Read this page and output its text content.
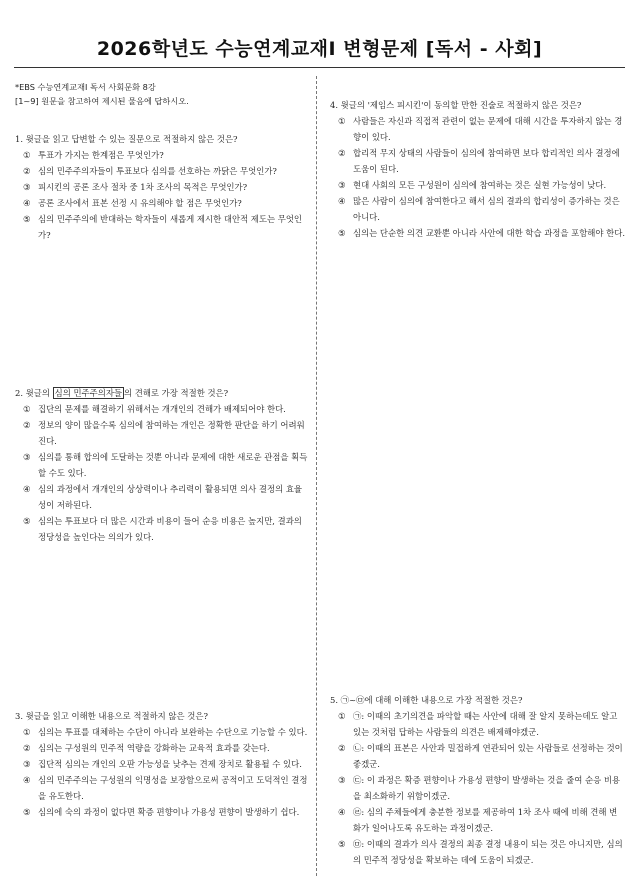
2026학년도 수능연계교재Ⅰ 변형문제 [독서 - 사회]
*EBS 수능연계교재Ⅰ 독서 사회문화 8강
[1~9] 원문을 참고하여 제시된 물음에 답하시오.

1. 윗글을 읽고 답변할 수 있는 질문으로 적절하지 않은 것은?

① 투표가 가지는 한계점은 무엇인가?
② 심의 민주주의자들이 투표보다 심의를 선호하는 까닭은 무엇인가?
③ 피시킨의 공론 조사 절차 중 1차 조사의 목적은 무엇인가?
④ 공론 조사에서 표본 선정 시 유의해야 할 점은 무엇인가?
⑤ 심의 민주주의에 반대하는 학자들이 새롭게 제시한 대안적 제도는 무엇인가?

2. 윗글의 심의 민주주의자들 의 견해로 가장 적절한 것은?

① 집단의 문제를 해결하기 위해서는 개개인의 견해가 배제되어야 한다.
② 정보의 양이 많을수록 심의에 참여하는 개인은 정확한 판단을 하기 어려워진다.
③ 심의를 통해 합의에 도달하는 것뿐 아니라 문제에 대한 새로운 관점을 획득할 수도 있다.
④ 심의 과정에서 개개인의 상상력이나 추리력이 활용되면 의사 결정의 효율성이 저하된다.
⑤ 심의는 투표보다 더 많은 시간과 비용이 들어 순응 비용은 높지만, 결과의 정당성을 높인다는 의의가 있다.

3. 윗글을 읽고 이해한 내용으로 적절하지 않은 것은?

① 심의는 투표를 대체하는 수단이 아니라 보완하는 수단으로 기능할 수 있다.
② 심의는 구성원의 민주적 역량을 강화하는 교육적 효과를 갖는다.
③ 집단적 심의는 개인의 오판 가능성을 낮추는 견제 장치로 활용될 수 있다.
④ 심의 민주주의는 구성원의 익명성을 보장함으로써 공적이고 도덕적인 결정을 유도한다.
⑤ 심의에 숙의 과정이 없다면 확증 편향이나 가용성 편향이 발생하기 쉽다.

4. 윗글의 '제임스 피시킨'이 동의할 만한 진술로 적절하지 않은 것은?

① 사람들은 자신과 직접적 관련이 없는 문제에 대해 시간을 투자하지 않는 경향이 있다.
② 합리적 무지 상태의 사람들이 심의에 참여하면 보다 합리적인 의사 결정에 도움이 된다.
③ 현대 사회의 모든 구성원이 심의에 참여하는 것은 실현 가능성이 낮다.
④ 많은 사람이 심의에 참여한다고 해서 심의 결과의 합리성이 증가하는 것은 아니다.
⑤ 심의는 단순한 의견 교환뿐 아니라 사안에 대한 학습 과정을 포함해야 한다.

5. ㉠~㉤에 대해 이해한 내용으로 가장 적절한 것은?

① ㉠: 이때의 초기의견을 파악할 때는 사안에 대해 잘 알지 못하는데도 알고 있는 것처럼 답하는 사람들의 의견은 배제해야겠군.
② ㉡: 이때의 표본은 사안과 밀접하게 연관되어 있는 사람들로 선정하는 것이 좋겠군.
③ ㉢: 이 과정은 확증 편향이나 가용성 편향이 발생하는 것을 줄여 순응 비용을 최소화하기 위함이겠군.
④ ㉣: 심의 주체들에게 충분한 정보를 제공하여 1차 조사 때에 비해 견해 변화가 일어나도록 유도하는 과정이겠군.
⑤ ㉤: 이때의 결과가 의사 결정의 최종 결정 내용이 되는 것은 아니지만, 심의의 민주적 정당성을 확보하는 데에 도움이 되겠군.
